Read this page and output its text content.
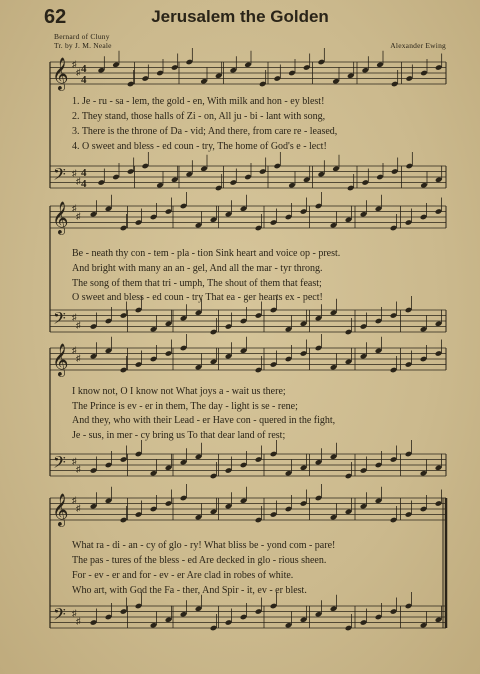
62	Jerusalem the Golden
Bernard of Cluny
Tr. by J. M. Neale	Alexander Ewing
𝄞
𝄢
♯
♯
♯
♯
4
4
4
4
𝄞
𝄢
♯
♯
♯
♯
𝄞
𝄢
♯
♯
♯
♯
𝄞
𝄢
♯
♯
♯
♯
1. Je - ru - sa - lem, the gold - en, With milk and hon - ey blest!
2. They stand, those halls of Zi - on, All ju - bi - lant with song,
3. There is the throne of Da - vid; And there, from care re - leased,
4. O sweet and bless - ed coun - try, The home of God's e - lect!
Be - neath thy con - tem - pla - tion Sink heart and voice op - prest.
And bright with many an an - gel, And all the mar - tyr throng.
The song of them that tri - umph, The shout of them that feast;
O sweet and bless - ed coun - try That ea - ger hearts ex - pect!
I know not, O I know not What joys a - wait us there;
The Prince is ev - er in them, The day - light is se - rene;
And they, who with their Lead - er Have con - quered in the fight,
Je - sus, in mer - cy bring us To that dear land of rest;
What ra - di - an - cy of glo - ry! What bliss be - yond com - pare!
The pas - tures of the bless - ed Are decked in glo - rious sheen.
For - ev - er and for - ev - er Are clad in robes of white.
Who art, with God the Fa - ther, And Spir - it, ev - er blest.
